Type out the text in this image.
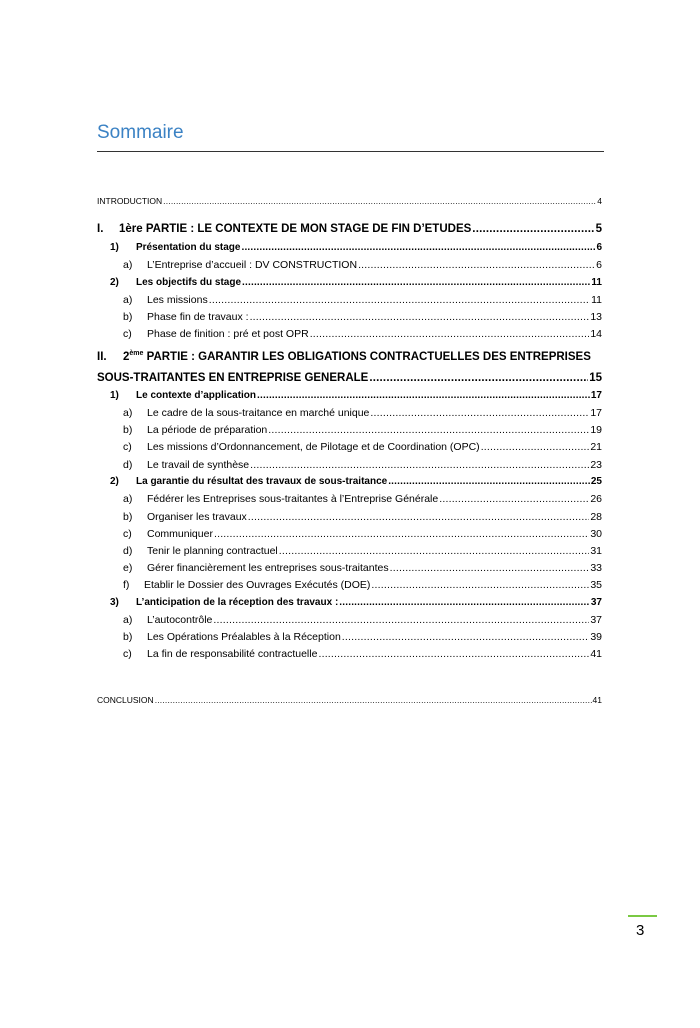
Sommaire
INTRODUCTION .....	4
I.	1ère PARTIE : LE CONTEXTE DE MON STAGE DE FIN D’ETUDES .....	5
1)	Présentation du stage .....	6
a)	L’Entreprise d’accueil : DV CONSTRUCTION .....	6
2)	Les objectifs du stage .....	11
a)	Les missions .....	11
b)	Phase fin de travaux : .....	13
c)	Phase de finition : pré et post OPR .....	14
II. 2ème PARTIE : GARANTIR LES OBLIGATIONS CONTRACTUELLES DES ENTREPRISES
SOUS-TRAITANTES EN ENTREPRISE GENERALE .....	15
1)	Le contexte d’application .....	17
a)	Le cadre de la sous-traitance en marché unique .....	17
b)	La période de préparation .....	19
c)	Les missions d’Ordonnancement, de Pilotage et de Coordination (OPC) .....	21
d)	Le travail de synthèse .....	23
2)	La garantie du résultat des travaux de sous-traitance .....	25
a)	Fédérer les Entreprises sous-traitantes à l’Entreprise Générale .....	26
b)	Organiser les travaux .....	28
c)	Communiquer .....	30
d)	Tenir le planning contractuel .....	31
e)	Gérer financièrement les entreprises sous-traitantes .....	33
f)	Etablir le Dossier des Ouvrages Exécutés (DOE) .....	35
3)	L’anticipation de la réception des travaux : .....	37
a)	L’autocontrôle .....	37
b)	Les Opérations Préalables à la Réception .....	39
c)	La fin de responsabilité contractuelle .....	41
CONCLUSION .....	41
3
